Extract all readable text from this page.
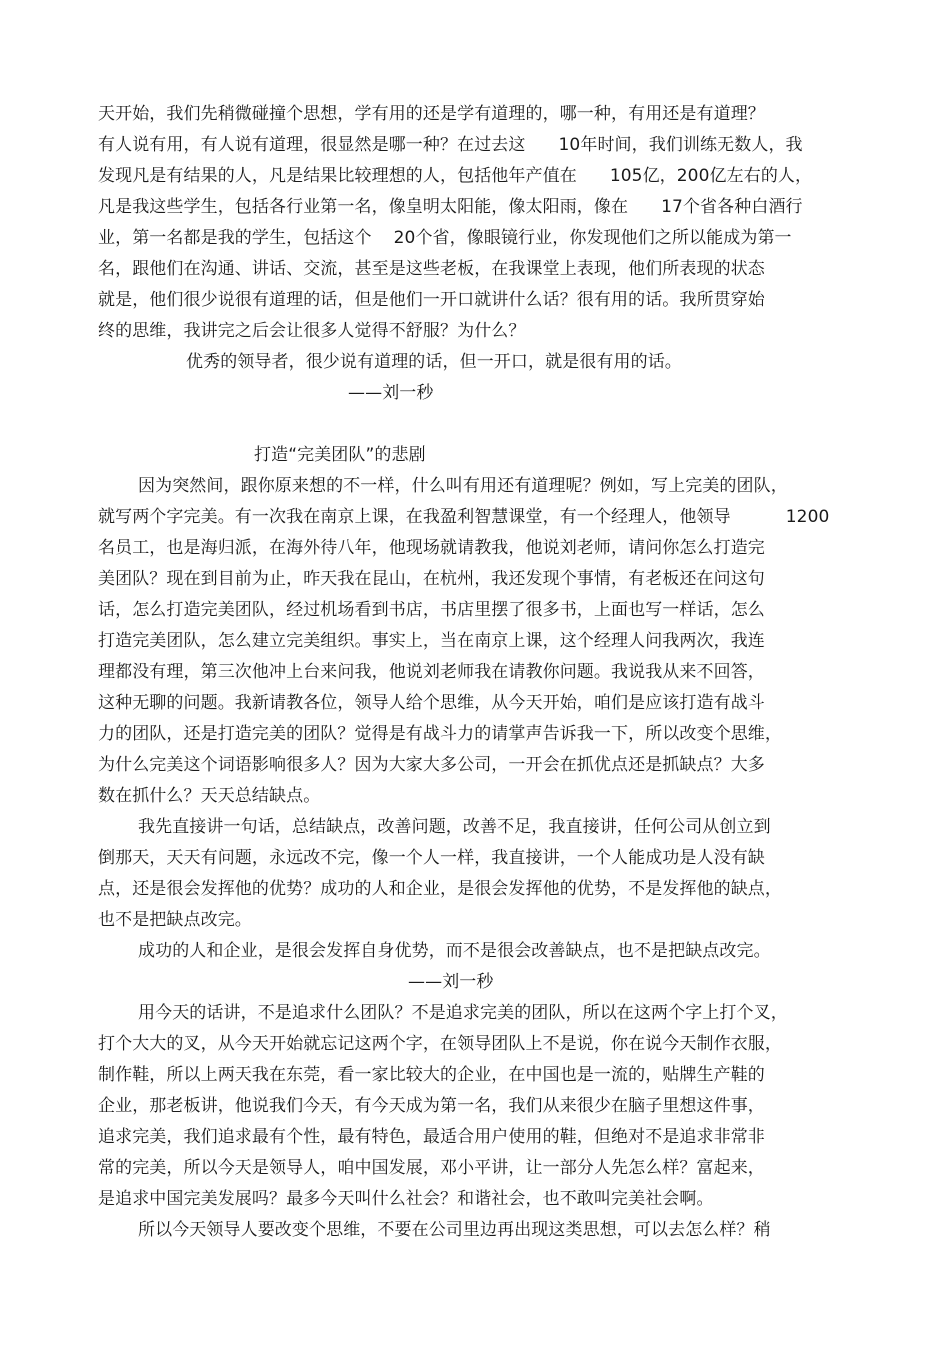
天开始，我们先稍微碰撞个思想，学有用的还是学有道理的，哪一种，有用还是有道理？
有人说有用，有人说有道理，很显然是哪一种？在过去这      10年时间，我们训练无数人，我
发现凡是有结果的人，凡是结果比较理想的人，包括他年产值在      105亿，200亿左右的人，
凡是我这些学生，包括各行业第一名，像皇明太阳能，像太阳雨，像在      17个省各种白酒行
业，第一名都是我的学生，包括这个    20个省，像眼镜行业，你发现他们之所以能成为第一
名，跟他们在沟通、讲话、交流，甚至是这些老板，在我课堂上表现，他们所表现的状态
就是，他们很少说很有道理的话，但是他们一开口就讲什么话？很有用的话。我所贯穿始
终的思维，我讲完之后会让很多人觉得不舒服？为什么？
优秀的领导者，很少说有道理的话，但一开口，就是很有用的话。
——刘一秒
打造“完美团队”的悲剧
因为突然间，跟你原来想的不一样，什么叫有用还有道理呢？例如，写上完美的团队，
就写两个字完美。有一次我在南京上课，在我盈利智慧课堂，有一个经理人，他领导          1200
名员工，也是海归派，在海外待八年，他现场就请教我，他说刘老师，请问你怎么打造完
美团队？现在到目前为止，昨天我在昆山，在杭州，我还发现个事情，有老板还在问这句
话，怎么打造完美团队，经过机场看到书店，书店里摆了很多书，上面也写一样话，怎么
打造完美团队，怎么建立完美组织。事实上，当在南京上课，这个经理人问我两次，我连
理都没有理，第三次他冲上台来问我，他说刘老师我在请教你问题。我说我从来不回答，
这种无聊的问题。我新请教各位，领导人给个思维，从今天开始，咱们是应该打造有战斗
力的团队，还是打造完美的团队？觉得是有战斗力的请掌声告诉我一下，所以改变个思维，
为什么完美这个词语影响很多人？因为大家大多公司，一开会在抓优点还是抓缺点？大多
数在抓什么？天天总结缺点。
我先直接讲一句话，总结缺点，改善问题，改善不足，我直接讲，任何公司从创立到
倒那天，天天有问题，永远改不完，像一个人一样，我直接讲，一个人能成功是人没有缺
点，还是很会发挥他的优势？成功的人和企业，是很会发挥他的优势，不是发挥他的缺点，
也不是把缺点改完。
成功的人和企业，是很会发挥自身优势，而不是很会改善缺点，也不是把缺点改完。
——刘一秒
用今天的话讲，不是追求什么团队？不是追求完美的团队，所以在这两个字上打个叉，
打个大大的叉，从今天开始就忘记这两个字，在领导团队上不是说，你在说今天制作衣服，
制作鞋，所以上两天我在东莞，看一家比较大的企业，在中国也是一流的，贴牌生产鞋的
企业，那老板讲，他说我们今天，有今天成为第一名，我们从来很少在脑子里想这件事，
追求完美，我们追求最有个性，最有特色，最适合用户使用的鞋，但绝对不是追求非常非
常的完美，所以今天是领导人，咱中国发展，邓小平讲，让一部分人先怎么样？富起来，
是追求中国完美发展吗？最多今天叫什么社会？和谐社会，也不敢叫完美社会啊。
所以今天领导人要改变个思维，不要在公司里边再出现这类思想，可以去怎么样？稍
